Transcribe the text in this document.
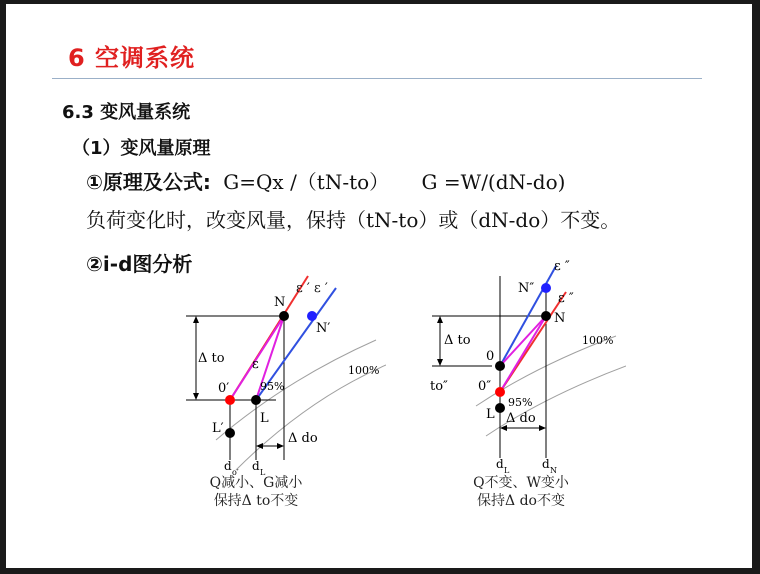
6 空调系统
6.3 变风量系统
（1）变风量原理
①原理及公式: G=Qx /（tN-to） G =W/(dN-do)
负荷变化时，改变风量，保持（tN-to）或（dN-do）不变。
②i-d图分析
N
N′
ε ′ ε ′
ε
0′	95%
100%
L
L′
Δ to
Δ do
d o′ d L
Q减小、G减小
保持Δ to不变
ε ″
ε ″
N″
N
0
to″ 0″
95%
100%
L
Δ to
Δ do
d L	d N
Q不变、W变小
保持Δ do不变
